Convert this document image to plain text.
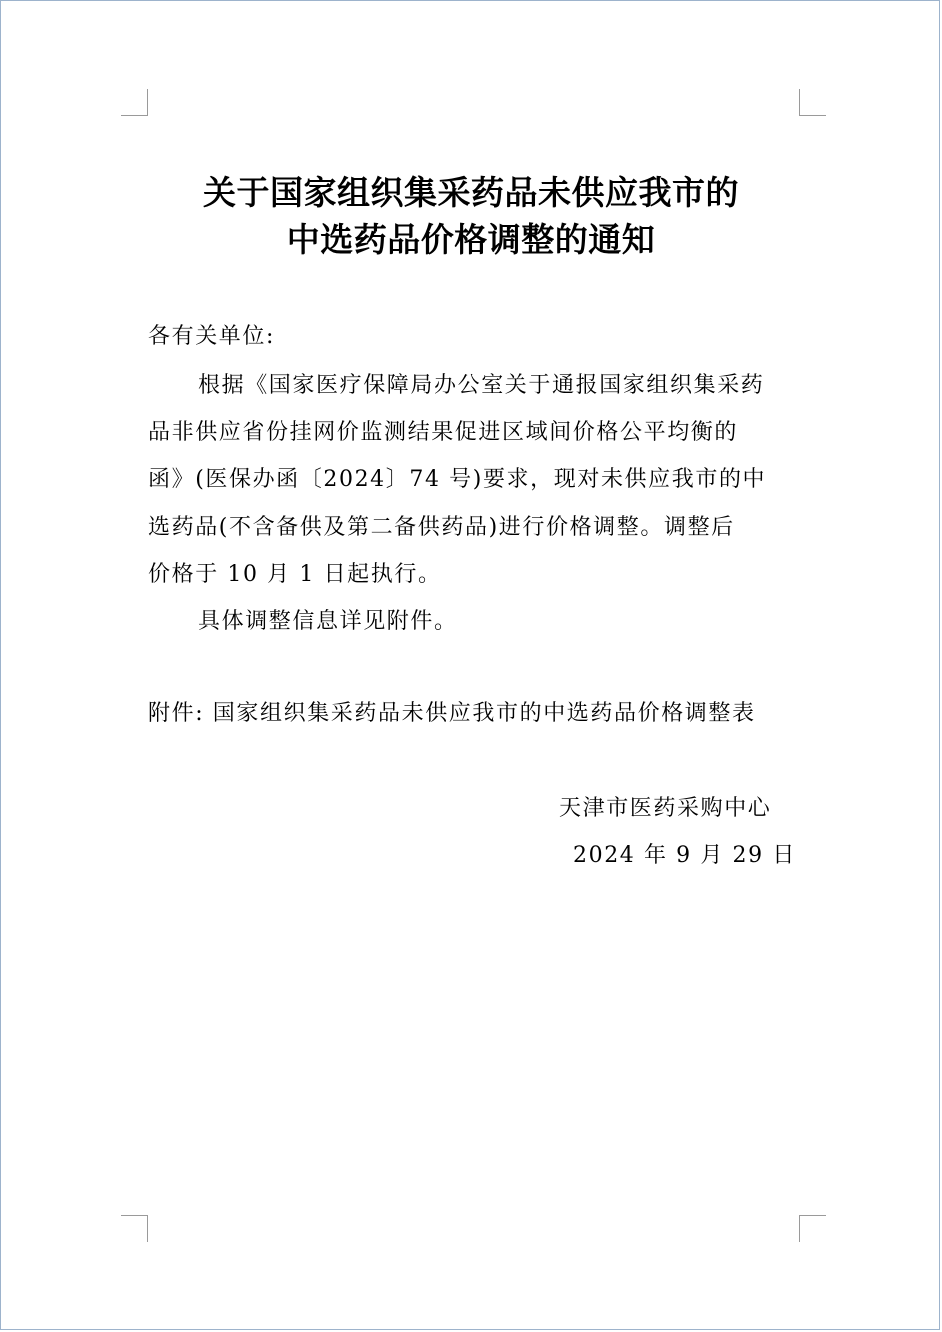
关于国家组织集采药品未供应我市的
中选药品价格调整的通知
各有关单位:
根据《国家医疗保障局办公室关于通报国家组织集采药
品非供应省份挂网价监测结果促进区域间价格公平均衡的
函》(医保办函〔2024〕74 号)要求，现对未供应我市的中
选药品(不含备供及第二备供药品)进行价格调整。调整后
价格于 10 月 1 日起执行。
具体调整信息详见附件。
附件: 国家组织集采药品未供应我市的中选药品价格调整表
天津市医药采购中心
2024 年 9 月 29 日
